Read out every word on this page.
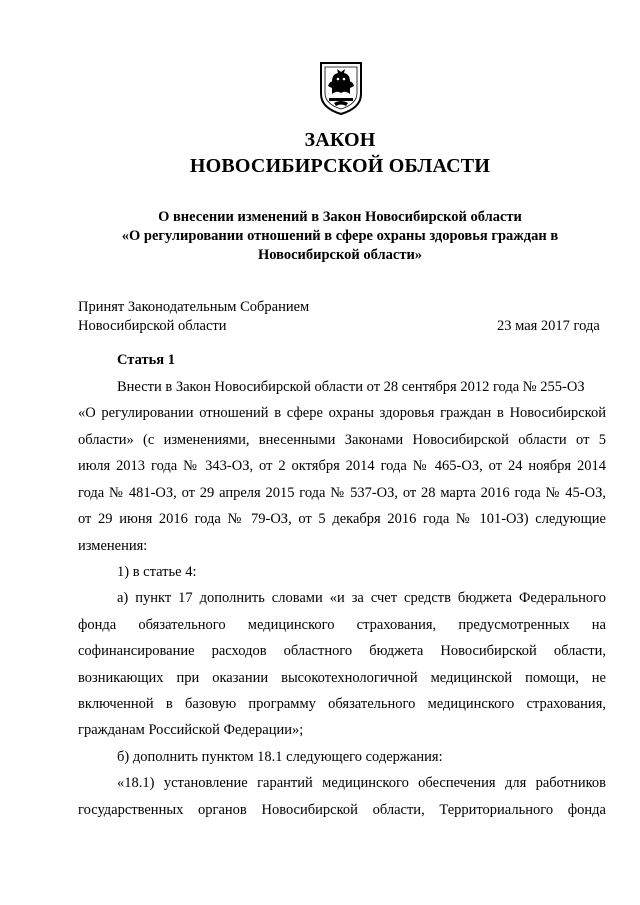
ЗАКОН
НОВОСИБИРСКОЙ ОБЛАСТИ
О внесении изменений в Закон Новосибирской области
«О регулировании отношений в сфере охраны здоровья граждан в
Новосибирской области»
Принят Законодательным Собранием
Новосибирской области	23 мая 2017 года
Статья 1
Внести в Закон Новосибирской области от 28 сентября 2012 года № 255-ОЗ
«О регулировании отношений в сфере охраны здоровья граждан в Новосибирской
области» (с изменениями, внесенными Законами Новосибирской области от 5
июля 2013 года № 343-ОЗ, от 2 октября 2014 года № 465-ОЗ, от 24 ноября 2014
года № 481-ОЗ, от 29 апреля 2015 года № 537-ОЗ, от 28 марта 2016 года № 45-ОЗ,
от 29 июня 2016 года № 79-ОЗ, от 5 декабря 2016 года № 101-ОЗ) следующие
изменения:
1) в статье 4:
а) пункт 17 дополнить словами «и за счет средств бюджета Федерального
фонда обязательного медицинского страхования, предусмотренных на
софинансирование расходов областного бюджета Новосибирской области,
возникающих при оказании высокотехнологичной медицинской помощи, не
включенной в базовую программу обязательного медицинского страхования,
гражданам Российской Федерации»;
б) дополнить пунктом 18.1 следующего содержания:
«18.1) установление гарантий медицинского обеспечения для работников
государственных органов Новосибирской области, Территориального фонда
